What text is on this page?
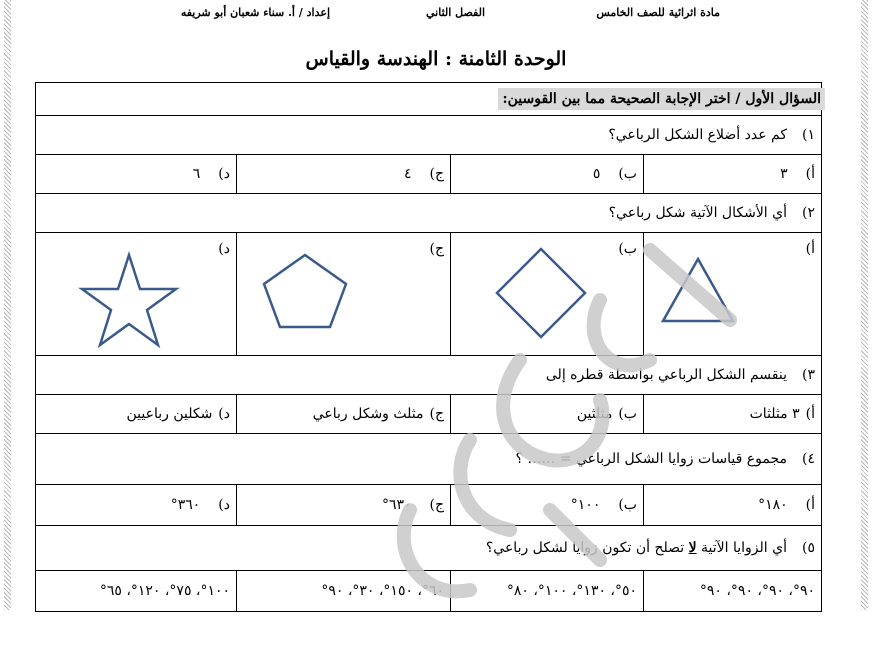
مادة اثرائية للصف الخامس
الفصل الثاني
إعداد / أ. سناء شعبان أبو شريفه
الوحدة الثامنة : الهندسة والقياس
السؤال الأول / اختر الإجابة الصحيحة مما بين القوسين:			
١)كم عدد أضلاع الشكل الرباعي؟			
أ)٣	ب)٥	ج)٤	د)٦
٢)أي الأشكال الآتية شكل رباعي؟			
أ)	ب)	ج)	د)

٣)ينقسم الشكل الرباعي بواسطة قطره إلى			
أ)٣ مثلثات	ب)مثلثين	ج)مثلث وشكل رباعي	د)شكلين رباعيين
٤)مجموع قياسات زوايا الشكل الرباعي = …… ؟			
أ)١٨٠°	ب)١٠٠°	ج)٦٣٠°	د)٣٦٠°
٥)أي الزوايا الآتية لا تصلح أن تكون زوايا لشكل رباعي؟			
٩٠°، ٩٠°، ٩٠°، ٩٠°	٥٠°، ١٣٠°، ١٠٠°، ٨٠°	٦٠°، ١٥٠°، ٣٠°، ٩٠°	١٠٠°، ٧٥°، ١٢٠°، ٦٥°
